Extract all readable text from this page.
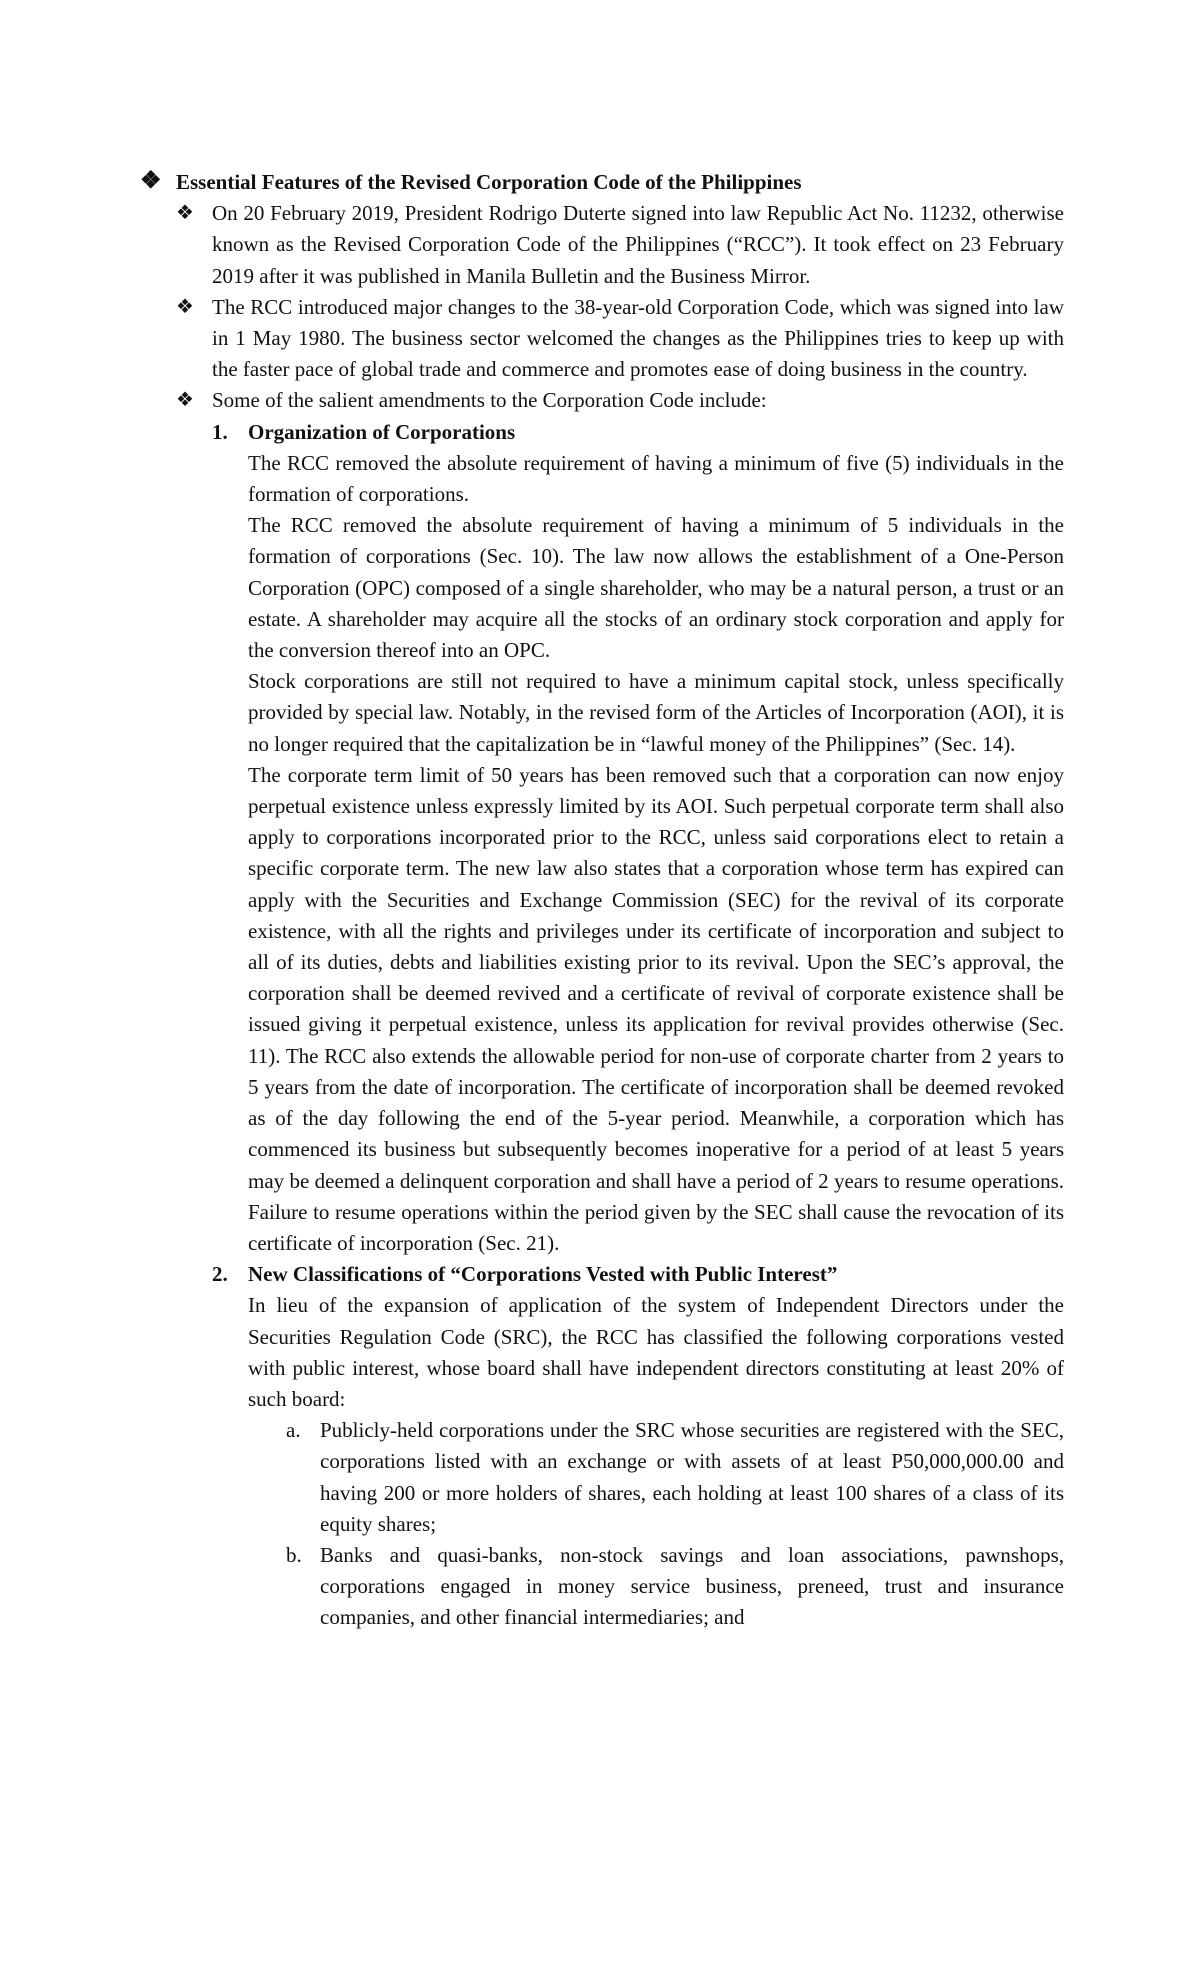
❖ Essential Features of the Revised Corporation Code of the Philippines
❖ On 20 February 2019, President Rodrigo Duterte signed into law Republic Act No. 11232, otherwise known as the Revised Corporation Code of the Philippines (“RCC”). It took effect on 23 February 2019 after it was published in Manila Bulletin and the Business Mirror.
❖ The RCC introduced major changes to the 38-year-old Corporation Code, which was signed into law in 1 May 1980. The business sector welcomed the changes as the Philippines tries to keep up with the faster pace of global trade and commerce and promotes ease of doing business in the country.
❖ Some of the salient amendments to the Corporation Code include:
1. Organization of Corporations
The RCC removed the absolute requirement of having a minimum of five (5) individuals in the formation of corporations.
The RCC removed the absolute requirement of having a minimum of 5 individuals in the formation of corporations (Sec. 10). The law now allows the establishment of a One-Person Corporation (OPC) composed of a single shareholder, who may be a natural person, a trust or an estate. A shareholder may acquire all the stocks of an ordinary stock corporation and apply for the conversion thereof into an OPC.
Stock corporations are still not required to have a minimum capital stock, unless specifically provided by special law. Notably, in the revised form of the Articles of Incorporation (AOI), it is no longer required that the capitalization be in “lawful money of the Philippines” (Sec. 14).
The corporate term limit of 50 years has been removed such that a corporation can now enjoy perpetual existence unless expressly limited by its AOI. Such perpetual corporate term shall also apply to corporations incorporated prior to the RCC, unless said corporations elect to retain a specific corporate term. The new law also states that a corporation whose term has expired can apply with the Securities and Exchange Commission (SEC) for the revival of its corporate existence, with all the rights and privileges under its certificate of incorporation and subject to all of its duties, debts and liabilities existing prior to its revival. Upon the SEC’s approval, the corporation shall be deemed revived and a certificate of revival of corporate existence shall be issued giving it perpetual existence, unless its application for revival provides otherwise (Sec. 11). The RCC also extends the allowable period for non-use of corporate charter from 2 years to 5 years from the date of incorporation. The certificate of incorporation shall be deemed revoked as of the day following the end of the 5-year period. Meanwhile, a corporation which has commenced its business but subsequently becomes inoperative for a period of at least 5 years may be deemed a delinquent corporation and shall have a period of 2 years to resume operations. Failure to resume operations within the period given by the SEC shall cause the revocation of its certificate of incorporation (Sec. 21).
2. New Classifications of “Corporations Vested with Public Interest”
In lieu of the expansion of application of the system of Independent Directors under the Securities Regulation Code (SRC), the RCC has classified the following corporations vested with public interest, whose board shall have independent directors constituting at least 20% of such board:
a. Publicly-held corporations under the SRC whose securities are registered with the SEC, corporations listed with an exchange or with assets of at least P50,000,000.00 and having 200 or more holders of shares, each holding at least 100 shares of a class of its equity shares;
b. Banks and quasi-banks, non-stock savings and loan associations, pawnshops, corporations engaged in money service business, preneed, trust and insurance companies, and other financial intermediaries; and
